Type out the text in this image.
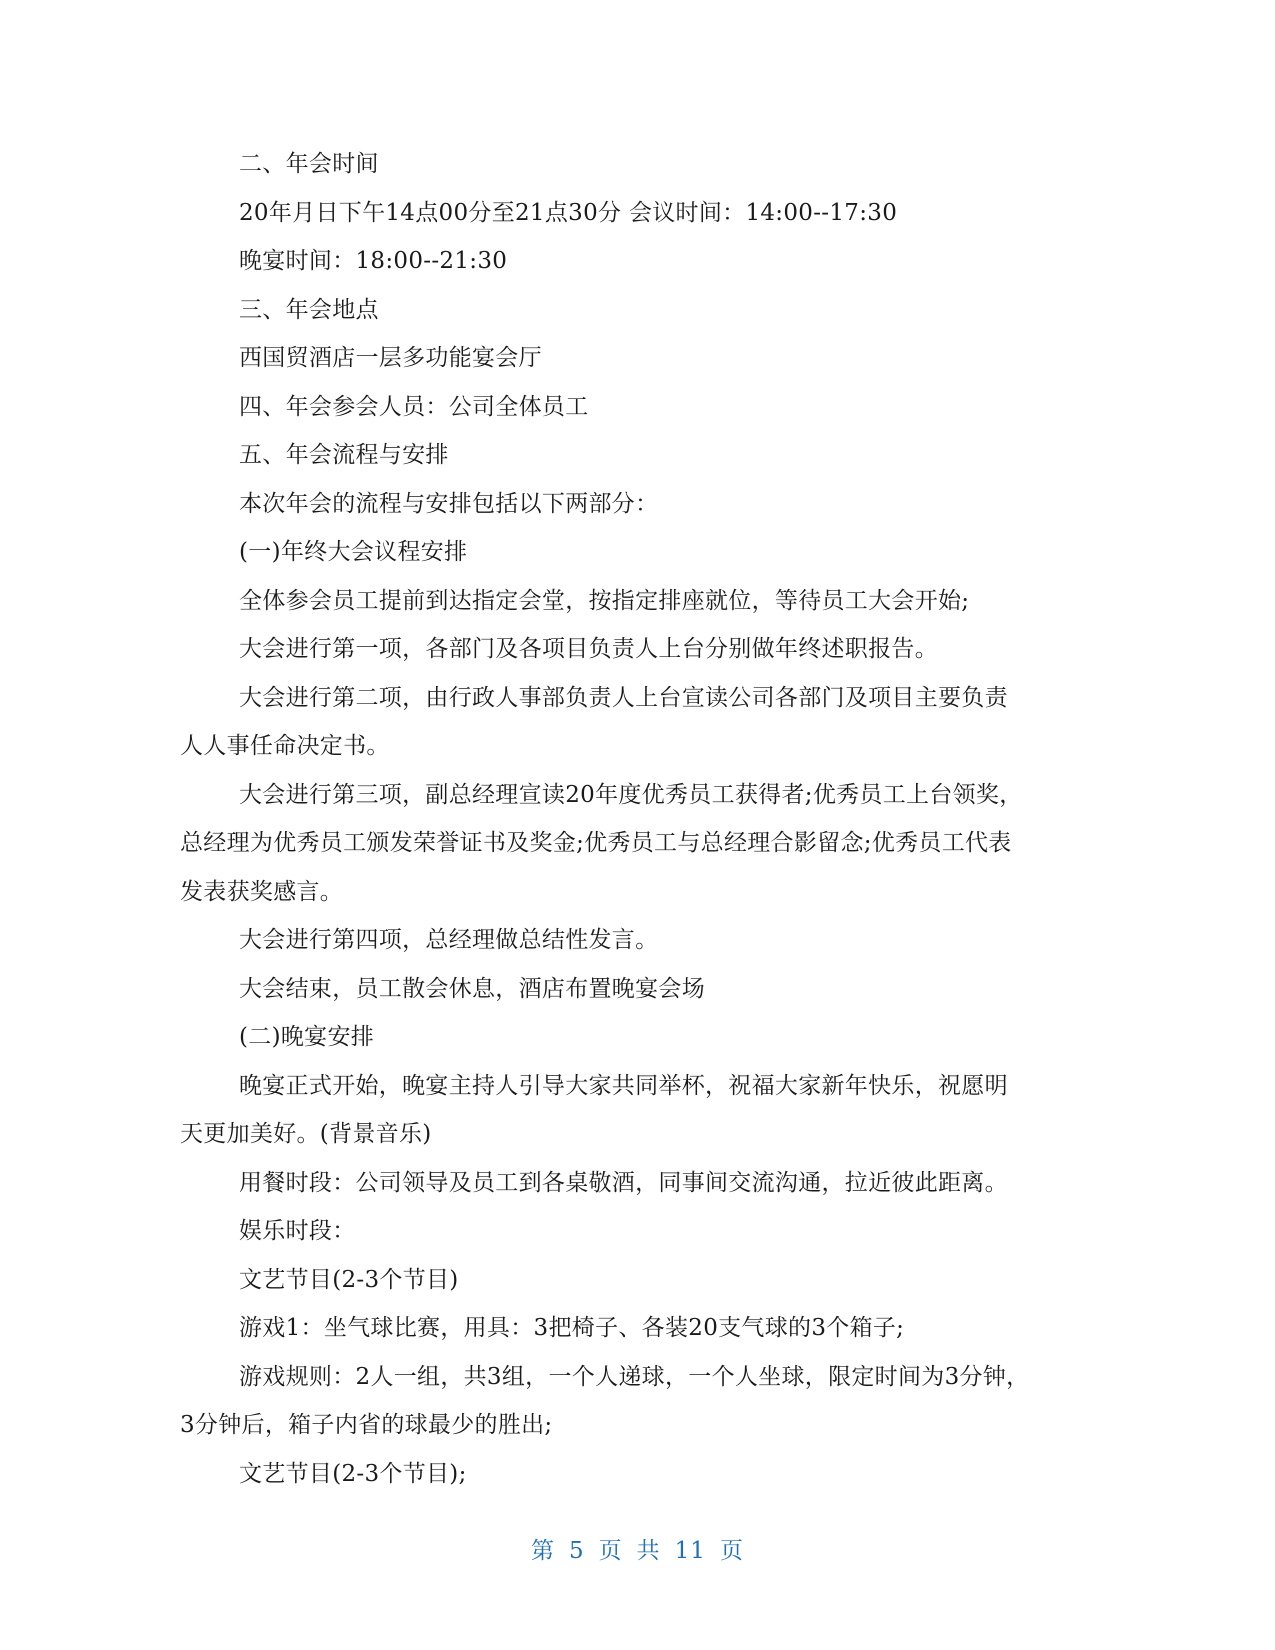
二、年会时间
20年月日下午14点00分至21点30分 会议时间：14:00--17:30
晚宴时间：18:00--21:30
三、年会地点
西国贸酒店一层多功能宴会厅
四、年会参会人员：公司全体员工
五、年会流程与安排
本次年会的流程与安排包括以下两部分：
(一)年终大会议程安排
全体参会员工提前到达指定会堂，按指定排座就位，等待员工大会开始;
大会进行第一项，各部门及各项目负责人上台分别做年终述职报告。
大会进行第二项，由行政人事部负责人上台宣读公司各部门及项目主要负责
人人事任命决定书。
大会进行第三项，副总经理宣读20年度优秀员工获得者;优秀员工上台领奖，
总经理为优秀员工颁发荣誉证书及奖金;优秀员工与总经理合影留念;优秀员工代表
发表获奖感言。
大会进行第四项，总经理做总结性发言。
大会结束，员工散会休息，酒店布置晚宴会场
(二)晚宴安排
晚宴正式开始，晚宴主持人引导大家共同举杯，祝福大家新年快乐，祝愿明
天更加美好。(背景音乐)
用餐时段：公司领导及员工到各桌敬酒，同事间交流沟通，拉近彼此距离。
娱乐时段：
文艺节目(2-3个节目)
游戏1：坐气球比赛，用具：3把椅子、各装20支气球的3个箱子;
游戏规则：2人一组，共3组，一个人递球，一个人坐球，限定时间为3分钟，
3分钟后，箱子内省的球最少的胜出;
文艺节目(2-3个节目);
第 5 页 共 11 页
